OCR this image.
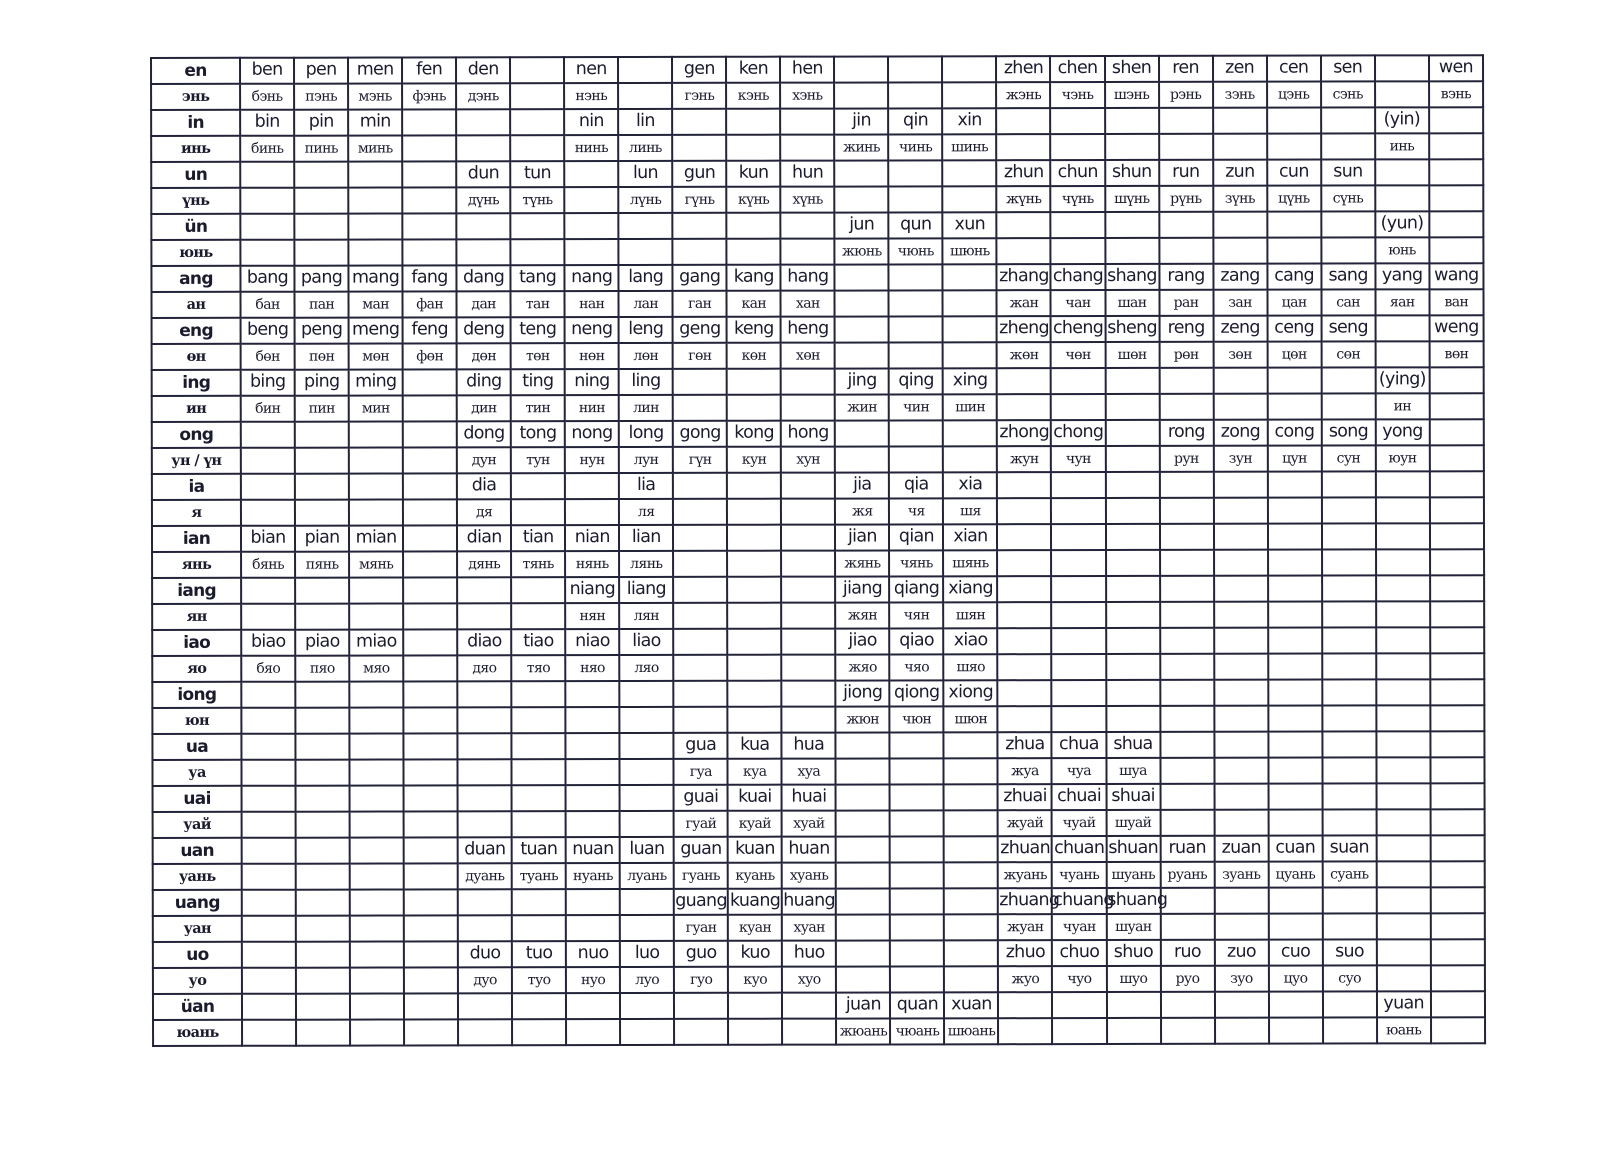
en	ben	pen	men	fen	den		nen		gen	ken	hen				zhen	chen	shen	ren	zen	cen	sen		wen
энь	бэнь	пэнь	мэнь	фэнь	дэнь		нэнь		гэнь	кэнь	хэнь				жэнь	чэнь	шэнь	рэнь	зэнь	цэнь	сэнь		вэнь
in	bin	pin	min				nin	lin				jin	qin	xin								(yin)	
инь	бинь	пинь	минь				нинь	линь				жинь	чинь	шинь								инь	
un					dun	tun		lun	gun	kun	hun				zhun	chun	shun	run	zun	cun	sun		
үнь					дүнь	түнь		лүнь	гүнь	күнь	хүнь				жүнь	чүнь	шүнь	рүнь	зүнь	цүнь	сүнь		
ün												jun	qun	xun								(yun)	
юнь												жюнь	чюнь	шюнь								юнь	
ang	bang	pang	mang	fang	dang	tang	nang	lang	gang	kang	hang				zhang	chang	shang	rang	zang	cang	sang	yang	wang
ан	бан	пан	ман	фан	дан	тан	нан	лан	ган	кан	хан				жан	чан	шан	ран	зан	цан	сан	яан	ван
eng	beng	peng	meng	feng	deng	teng	neng	leng	geng	keng	heng				zheng	cheng	sheng	reng	zeng	ceng	seng		weng
өн	бөн	пөн	мөн	фөн	дөн	төн	нөн	лөн	гөн	көн	хөн				жөн	чөн	шөн	рөн	зөн	цөн	сөн		вөн
ing	bing	ping	ming		ding	ting	ning	ling				jing	qing	xing								(ying)	
ин	бин	пин	мин		дин	тин	нин	лин				жин	чин	шин								ин	
ong					dong	tong	nong	long	gong	kong	hong				zhong	chong		rong	zong	cong	song	yong	
ун / үн					дун	тун	нун	лун	гүн	кун	хун				жун	чун		рун	зун	цун	сун	юун	
ia					dia			lia				jia	qia	xia									
я					дя			ля				жя	чя	шя									
ian	bian	pian	mian		dian	tian	nian	lian				jian	qian	xian									
янь	бянь	пянь	мянь		дянь	тянь	нянь	лянь				жянь	чянь	шянь									
iang							niang	liang				jiang	qiang	xiang									
ян							нян	лян				жян	чян	шян									
iao	biao	piao	miao		diao	tiao	niao	liao				jiao	qiao	xiao									
яо	бяо	пяо	мяо		дяо	тяо	няо	ляо				жяо	чяо	шяо									
iong												jiong	qiong	xiong									
юн												жюн	чюн	шюн									
ua									gua	kua	hua				zhua	chua	shua						
уа									гуа	куа	хуа				жуа	чуа	шуа						
uai									guai	kuai	huai				zhuai	chuai	shuai						
уай									гуай	куай	хуай				жуай	чуай	шуай						
uan					duan	tuan	nuan	luan	guan	kuan	huan				zhuan	chuan	shuan	ruan	zuan	cuan	suan		
уань					дуань	туань	нуань	луань	гуань	куань	хуань				жуань	чуань	шуань	руань	зуань	цуань	суань		
uang									guang	kuang	huang				zhuang	chuang	shuang						
уан									гуан	куан	хуан				жуан	чуан	шуан						
uo					duo	tuo	nuo	luo	guo	kuo	huo				zhuo	chuo	shuo	ruo	zuo	cuo	suo		
уо					дуо	туо	нуо	луо	гуо	куо	хуо				жуо	чуо	шуо	руо	зуо	цуо	суо		
üan												juan	quan	xuan								yuan	
юань												жюань	чюань	шюань								юань	
